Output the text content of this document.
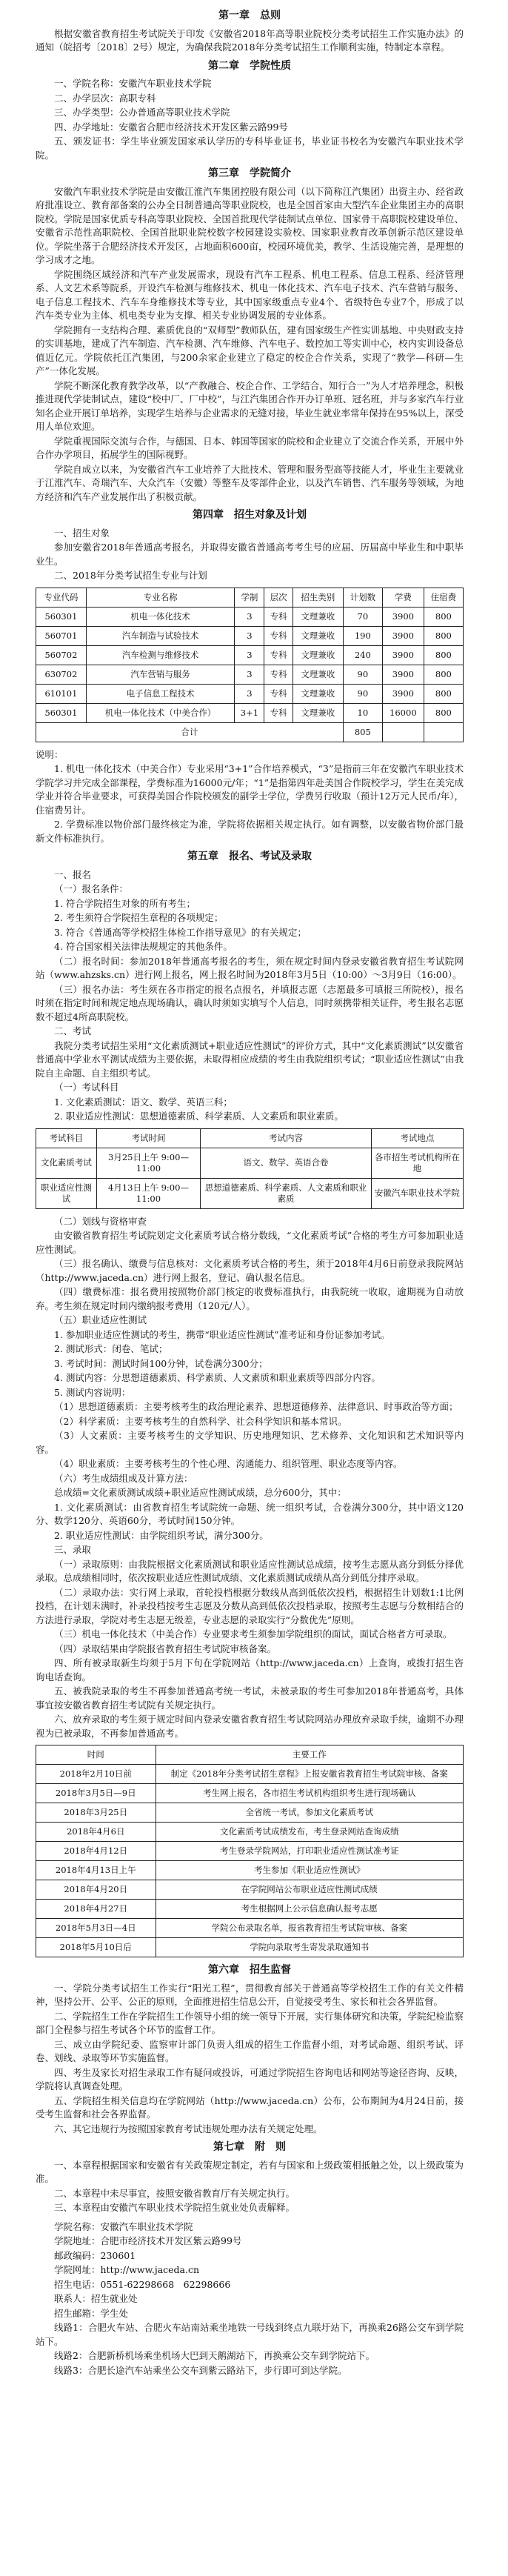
第一章　总则
根据安徽省教育招生考试院关于印发《安徽省2018年高等职业院校分类考试招生工作实施办法》的通知（皖招考〔2018〕2号）规定，为确保我院2018年分类考试招生工作顺利实施，特制定本章程。
第二章　学院性质
一、学院名称：安徽汽车职业技术学院
二、办学层次：高职专科
三、办学类型：公办普通高等职业技术学院
四、办学地址：安徽省合肥市经济技术开发区紫云路99号
五、颁发证书：学生毕业颁发国家承认学历的专科毕业证书，毕业证书校名为安徽汽车职业技术学院。
第三章　学院简介
安徽汽车职业技术学院是由安徽江淮汽车集团控股有限公司（以下简称江汽集团）出资主办、经省政府批准设立、教育部备案的公办全日制普通高等职业院校，也是全国首家由大型汽车企业集团主办的高职院校。学院是国家优质专科高等职业院校、全国首批现代学徒制试点单位、国家骨干高职院校建设单位、安徽省示范性高职院校、全国首批职业院校数字校园建设实验校、国家职业教育改革创新示范区建设单位。学院坐落于合肥经济技术开发区，占地面积600亩，校园环境优美，教学、生活设施完善，是理想的学习成才之地。
学院围绕区域经济和汽车产业发展需求，现设有汽车工程系、机电工程系、信息工程系、经济管理系、人文艺术系等院系，开设汽车检测与维修技术、机电一体化技术、汽车电子技术、汽车营销与服务、电子信息工程技术、汽车车身维修技术等专业，其中国家级重点专业4个、省级特色专业7个，形成了以汽车类专业为主体、机电类专业为支撑、相关专业协调发展的专业体系。
学院拥有一支结构合理、素质优良的“双师型”教师队伍，建有国家级生产性实训基地、中央财政支持的实训基地，建成了汽车制造、汽车检测、汽车维修、汽车电子、数控加工等实训中心，校内实训设备总值近亿元。学院依托江汽集团，与200余家企业建立了稳定的校企合作关系，实现了“教学—科研—生产”一体化发展。
学院不断深化教育教学改革，以“产教融合、校企合作、工学结合、知行合一”为人才培养理念，积极推进现代学徒制试点，建设“校中厂、厂中校”，与江汽集团合作开办订单班、冠名班，并与多家汽车行业知名企业开展订单培养，实现学生培养与企业需求的无缝对接，毕业生就业率常年保持在95%以上，深受用人单位欢迎。
学院重视国际交流与合作，与德国、日本、韩国等国家的院校和企业建立了交流合作关系，开展中外合作办学项目，拓展学生的国际视野。
学院自成立以来，为安徽省汽车工业培养了大批技术、管理和服务型高等技能人才，毕业生主要就业于江淮汽车、奇瑞汽车、大众汽车（安徽）等整车及零部件企业，以及汽车销售、汽车服务等领域，为地方经济和汽车产业发展作出了积极贡献。
第四章　招生对象及计划
一、招生对象
参加安徽省2018年普通高考报名，并取得安徽省普通高考考生号的应届、历届高中毕业生和中职毕业生。
二、2018年分类考试招生专业与计划
专业代码	专业名称	学制	层次	招生类别	计划数	学费	住宿费
560301	机电一体化技术	3	专科	文理兼收	70	3900	800
560701	汽车制造与试验技术	3	专科	文理兼收	190	3900	800
560702	汽车检测与维修技术	3	专科	文理兼收	240	3900	800
630702	汽车营销与服务	3	专科	文理兼收	90	3900	800
610101	电子信息工程技术	3	专科	文理兼收	90	3900	800
560301	机电一体化技术（中美合作）	3+1	专科	文理兼收	10	16000	800
合计					805		
说明：
1. 机电一体化技术（中美合作）专业采用“3+1”合作培养模式，“3”是指前三年在安徽汽车职业技术学院学习并完成全部课程，学费标准为16000元/年；“1”是指第四年赴美国合作院校学习，学生在美完成学业并符合毕业要求，可获得美国合作院校颁发的副学士学位，学费另行收取（预计12万元人民币/年），住宿费另计。
2. 学费标准以物价部门最终核定为准，学院将依据相关规定执行。如有调整，以安徽省物价部门最新文件标准执行。
第五章　报名、考试及录取
一、报名
（一）报名条件：
1. 符合学院招生对象的所有考生；
2. 考生须符合学院招生章程的各项规定；
3. 符合《普通高等学校招生体检工作指导意见》的有关规定；
4. 符合国家相关法律法规规定的其他条件。
（二）报名时间：参加2018年普通高考报名的考生，须在规定时间内登录安徽省教育招生考试院网站（www.ahzsks.cn）进行网上报名，网上报名时间为2018年3月5日（10:00）～3月9日（16:00）。
（三）报名办法：考生须在各市指定的报名点报名，并填报志愿（志愿最多可填报三所院校），报名时须在指定时间和规定地点现场确认，确认时须如实填写个人信息，同时须携带相关证件，考生报名志愿数不超过4所高职院校。
二、考试
我院分类考试招生采用“文化素质测试+职业适应性测试”的评价方式，其中“文化素质测试”以安徽省普通高中学业水平测试成绩为主要依据，未取得相应成绩的考生由我院组织考试；“职业适应性测试”由我院自主命题、自主组织考试。
（一）考试科目
1. 文化素质测试：语文、数学、英语三科；
2. 职业适应性测试：思想道德素质、科学素质、人文素质和职业素质。
考试科目	考试时间	考试内容	考试地点
文化素质考试	3月25日上午 9:00—11:00	语文、数学、英语合卷	各市招生考试机构所在地
职业适应性测试	4月13日上午 9:00—11:00	思想道德素质、科学素质、人文素质和职业素质	安徽汽车职业技术学院
（二）划线与资格审查
由安徽省教育招生考试院划定文化素质考试合格分数线，“文化素质考试”合格的考生方可参加职业适应性测试。
（三）报名确认、缴费与信息核对：文化素质考试合格的考生，须于2018年4月6日前登录我院网站（http://www.jaceda.cn）进行网上报名，登记、确认报名信息。
（四）缴费标准：报名费用按照物价部门核定的收费标准执行，由我院统一收取，逾期视为自动放弃。考生须在规定时间内缴纳报考费用（120元/人）。
（五）职业适应性测试
1. 参加职业适应性测试的考生，携带“职业适应性测试”准考证和身份证参加考试。
2. 测试形式：闭卷、笔试；
3. 考试时间：测试时间100分钟，试卷满分300分；
4. 测试内容：分思想道德素质、科学素质、人文素质和职业素质等四部分内容。
5. 测试内容说明：
（1）思想道德素质：主要考核考生的政治理论素养、思想道德修养、法律意识、时事政治等方面；
（2）科学素质：主要考核考生的自然科学、社会科学知识和基本常识。
（3）人文素质：主要考核考生的文学知识、历史地理知识、艺术修养、文化知识和艺术知识等内容。
（4）职业素质：主要考核考生的个性心理、沟通能力、组织管理、职业态度等内容。
（六）考生成绩组成及计算方法：
总成绩=文化素质测试成绩+职业适应性测试成绩，总分600分，其中：
1. 文化素质测试：由省教育招生考试院统一命题、统一组织考试，合卷满分300分，其中语文120分、数学120分、英语60分，考试时间150分钟。
2. 职业适应性测试：由学院组织考试，满分300分。
三、录取
（一）录取原则：由我院根据文化素质测试和职业适应性测试总成绩，按考生志愿从高分到低分择优录取。总成绩相同时，依次按职业适应性测试成绩、文化素质测试成绩从高分到低分排序录取。
（二）录取办法：实行网上录取，首轮投档根据分数线从高到低依次投档，根据招生计划数1:1比例投档，在计划未满时，补录投档按考生志愿及分数从高到低依次投档录取，按照考生志愿与分数相结合的方法进行录取，学院对考生志愿无级差，专业志愿的录取实行“分数优先”原则。
（三）机电一体化技术（中美合作）专业要求考生须参加学院组织的面试，面试合格者方可录取。
（四）录取结果由学院报省教育招生考试院审核备案。
四、所有被录取新生均须于5月下旬在学院网站（http://www.jaceda.cn）上查询，或拨打招生咨询电话查询。
五、被我院录取的考生不再参加普通高考统一考试，未被录取的考生可参加2018年普通高考，具体事宜按安徽省教育招生考试院有关规定执行。
六、放弃录取的考生须于规定时间内登录安徽省教育招生考试院网站办理放弃录取手续，逾期不办理视为已被录取，不再参加普通高考。
时间	主要工作
2018年2月10日前	制定《2018年分类考试招生章程》上报安徽省教育招生考试院审核、备案
2018年3月5日—9日	考生网上报名，各市招生考试机构组织考生进行现场确认
2018年3月25日	全省统一考试，参加文化素质考试
2018年4月6日	文化素质考试成绩发布，考生登录网站查询成绩
2018年4月12日	考生登录学院网站，打印职业适应性测试准考证
2018年4月13日上午	考生参加《职业适应性测试》
2018年4月20日	在学院网站公布职业适应性测试成绩
2018年4月27日	考生根据网上公示信息确认报考志愿
2018年5月3日—4日	学院公布录取名单，报省教育招生考试院审核、备案
2018年5月10日后	学院向录取考生寄发录取通知书
第六章　招生监督
一、学院分类考试招生工作实行“阳光工程”，贯彻教育部关于普通高等学校招生工作的有关文件精神，坚持公开、公平、公正的原则，全面推进招生信息公开，自觉接受考生、家长和社会各界监督。
二、学院招生工作在学院招生工作领导小组的统一领导下开展，实行集体研究和决策，学院纪检监察部门全程参与招生考试各个环节的监督工作。
三、成立由学院纪委、监察审计部门负责人组成的招生工作监督小组，对考试命题、组织考试、评卷、划线、录取等环节实施监督。
四、考生及家长对招生录取工作有疑问或投诉，可通过学院招生咨询电话和网站等途径咨询、反映，学院将认真调查处理。
五、学院招生相关信息均在学院网站（http://www.jaceda.cn）公布，公布期间为4月24日前，接受考生监督和社会各界监督。
六、其它违规行为按照国家教育考试违规处理办法有关规定处理。
第七章　附　则
一、本章程根据国家和安徽省有关政策规定制定，若有与国家和上级政策相抵触之处，以上级政策为准。
二、本章程中未尽事宜，按照安徽省教育厅有关规定执行。
三、本章程由安徽汽车职业技术学院招生就业处负责解释。
学院名称：安徽汽车职业技术学院
学院地址：合肥市经济技术开发区紫云路99号
邮政编码：230601
学院网址：http://www.jaceda.cn
招生电话：0551-62298668　62298666
联系人：招生就业处
招生邮箱：学生处
线路1：合肥火车站、合肥火车站南站乘坐地铁一号线到终点九联圩站下，再换乘26路公交车到学院站下。
线路2：合肥新桥机场乘坐机场大巴到天鹅湖站下，再换乘公交车到学院站下。
线路3：合肥长途汽车站乘坐公交车到紫云路站下，步行即可到达学院。
